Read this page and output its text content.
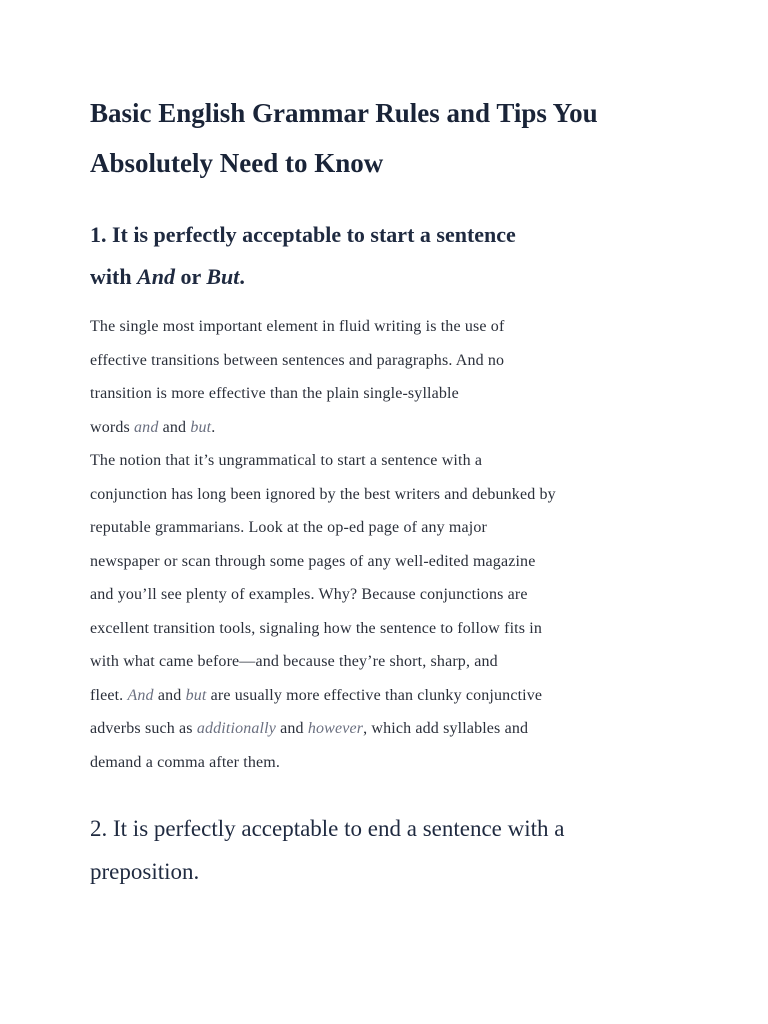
Basic English Grammar Rules and Tips You
Absolutely Need to Know
1. It is perfectly acceptable to start a sentence
with And or But.

The single most important element in fluid writing is the use of
effective transitions between sentences and paragraphs. And no
transition is more effective than the plain single-syllable
words and and but.

The notion that it’s ungrammatical to start a sentence with a
conjunction has long been ignored by the best writers and debunked by
reputable grammarians. Look at the op-ed page of any major
newspaper or scan through some pages of any well-edited magazine
and you’ll see plenty of examples. Why? Because conjunctions are
excellent transition tools, signaling how the sentence to follow fits in
with what came before—and because they’re short, sharp, and
fleet. And and but are usually more effective than clunky conjunctive
adverbs such as additionally and however, which add syllables and
demand a comma after them.

2. It is perfectly acceptable to end a sentence with a
preposition.
